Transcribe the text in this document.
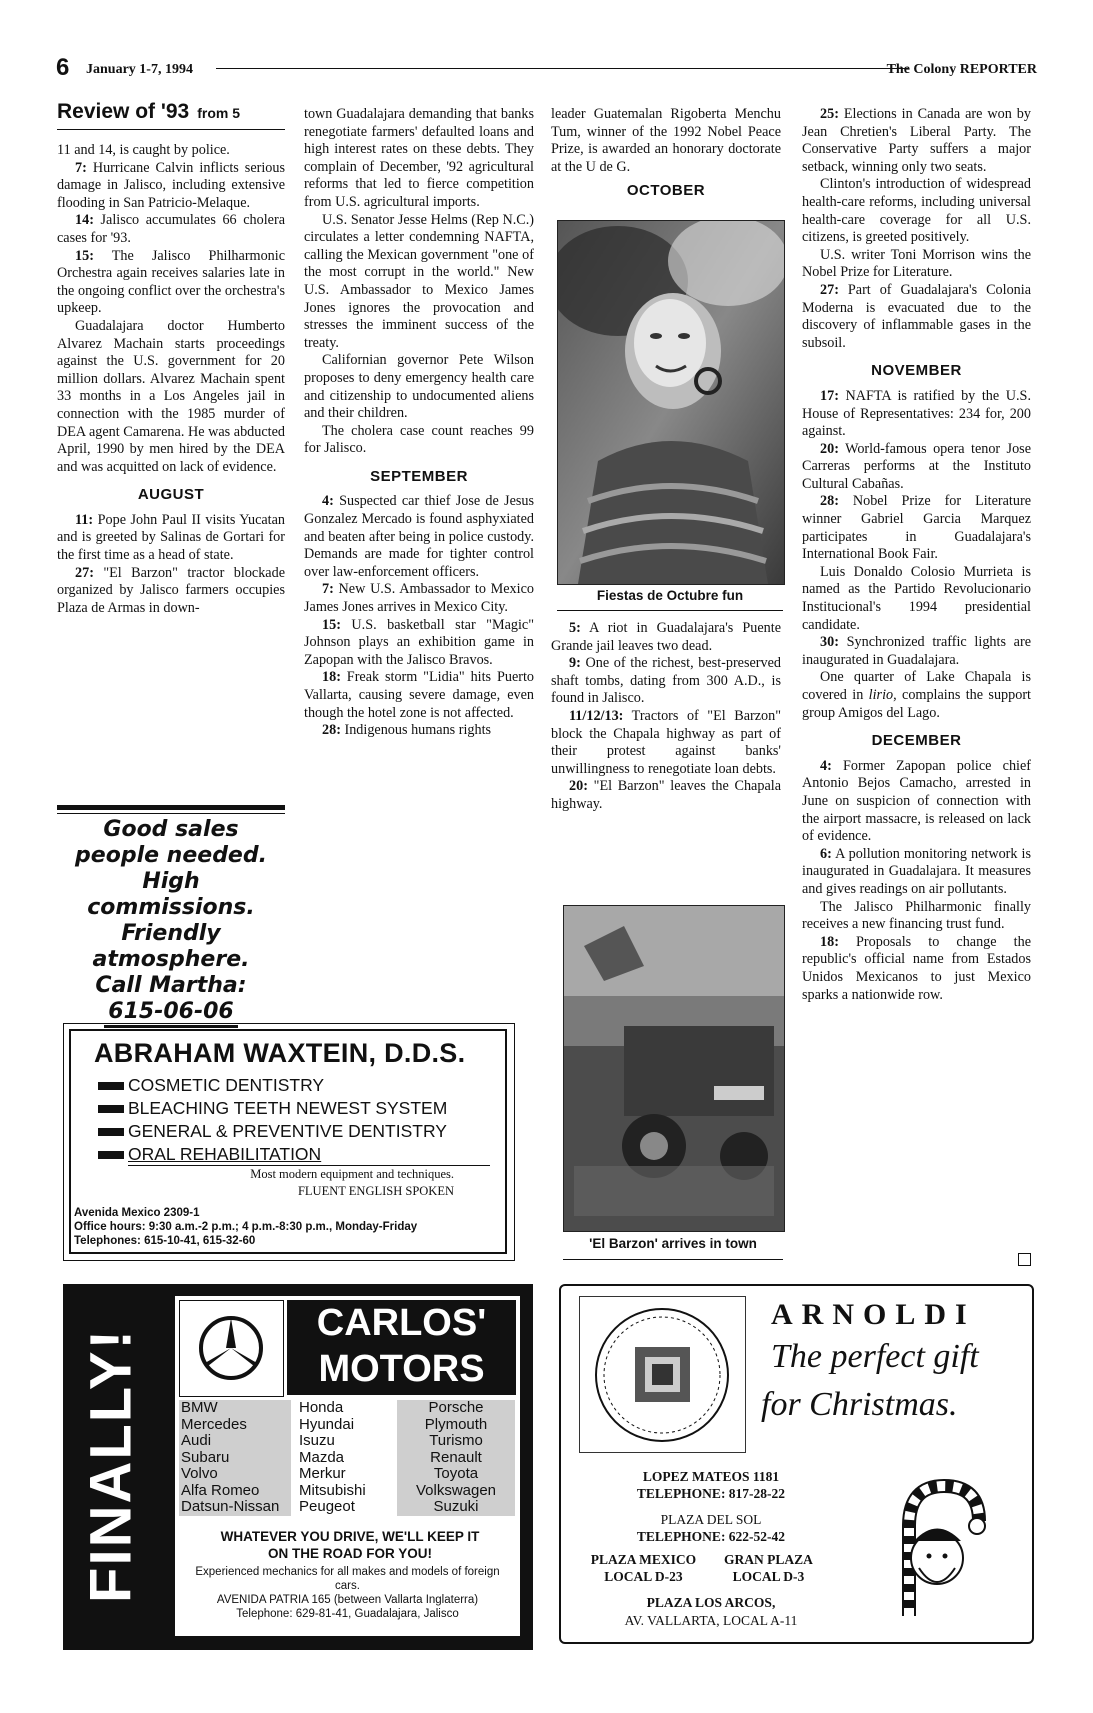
6 January 1-7, 1994	The Colony REPORTER
Review of '93 from 5

11 and 14, is caught by police.

7: Hurricane Calvin inflicts serious damage in Jalisco, including extensive flooding in San Patricio-Melaque.

14: Jalisco accumulates 66 cholera cases for '93.

15: The Jalisco Philharmonic Orchestra again receives salaries late in the ongoing conflict over the orchestra's upkeep.

Guadalajara doctor Humberto Alvarez Machain starts proceedings against the U.S. government for 20 million dollars. Alvarez Machain spent 33 months in a Los Angeles jail in connection with the 1985 murder of DEA agent Camarena. He was abducted April, 1990 by men hired by the DEA and was acquitted on lack of evidence.

AUGUST

11: Pope John Paul II visits Yucatan and is greeted by Salinas de Gortari for the first time as a head of state.

27: "El Barzon" tractor blockade organized by Jalisco farmers occupies Plaza de Armas in down-

Good sales
people needed.
High commissions.
Friendly
atmosphere.
Call Martha:
615-06-06

town Guadalajara demanding that banks renegotiate farmers' defaulted loans and high interest rates on these debts. They complain of December, '92 agricultural reforms that led to fierce competition from U.S. agricultural imports.

U.S. Senator Jesse Helms (Rep N.C.) circulates a letter condemning NAFTA, calling the Mexican government "one of the most corrupt in the world." New U.S. Ambassador to Mexico James Jones ignores the provocation and stresses the imminent success of the treaty.

Californian governor Pete Wilson proposes to deny emergency health care and citizenship to undocumented aliens and their children.

The cholera case count reaches 99 for Jalisco.

SEPTEMBER

4: Suspected car thief Jose de Jesus Gonzalez Mercado is found asphyxiated and beaten after being in police custody. Demands are made for tighter control over law-enforcement officers.

7: New U.S. Ambassador to Mexico James Jones arrives in Mexico City.

15: U.S. basketball star "Magic" Johnson plays an exhibition game in Zapopan with the Jalisco Bravos.

18: Freak storm "Lidia" hits Puerto Vallarta, causing severe damage, even though the hotel zone is not affected.

28: Indigenous humans rights

leader Guatemalan Rigoberta Menchu Tum, winner of the 1992 Nobel Peace Prize, is awarded an honorary doctorate at the U de G.

OCTOBER
Fiestas de Octubre fun

5: A riot in Guadalajara's Puente Grande jail leaves two dead.

9: One of the richest, best-preserved shaft tombs, dating from 300 A.D., is found in Jalisco.

11/12/13: Tractors of "El Barzon" block the Chapala highway as part of their protest against banks' unwillingness to renegotiate loan debts.

20: "El Barzon" leaves the Chapala highway.

'El Barzon' arrives in town

25: Elections in Canada are won by Jean Chretien's Liberal Party. The Conservative Party suffers a major setback, winning only two seats.

Clinton's introduction of widespread health-care reforms, including universal health-care coverage for all U.S. citizens, is greeted positively.

U.S. writer Toni Morrison wins the Nobel Prize for Literature.

27: Part of Guadalajara's Colonia Moderna is evacuated due to the discovery of inflammable gases in the subsoil.

NOVEMBER

17: NAFTA is ratified by the U.S. House of Representatives: 234 for, 200 against.

20: World-famous opera tenor Jose Carreras performs at the Instituto Cultural Cabañas.

28: Nobel Prize for Literature winner Gabriel Garcia Marquez participates in Guadalajara's International Book Fair.

Luis Donaldo Colosio Murrieta is named as the Partido Revolucionario Institucional's 1994 presidential candidate.

30: Synchronized traffic lights are inaugurated in Guadalajara.

One quarter of Lake Chapala is covered in lirio, complains the support group Amigos del Lago.

DECEMBER

4: Former Zapopan police chief Antonio Bejos Camacho, arrested in June on suspicion of connection with the airport massacre, is released on lack of evidence.

6: A pollution monitoring network is inaugurated in Guadalajara. It measures and gives readings on air pollutants.

The Jalisco Philharmonic finally receives a new financing trust fund.

18: Proposals to change the republic's official name from Estados Unidos Mexicanos to just Mexico sparks a nationwide row.

ABRAHAM WAXTEIN, D.D.S.
COSMETIC DENTISTRY
BLEACHING TEETH NEWEST SYSTEM
GENERAL & PREVENTIVE DENTISTRY
ORAL REHABILITATION
Most modern equipment and techniques.
FLUENT ENGLISH SPOKEN
Avenida Mexico 2309-1
Office hours: 9:30 a.m.-2 p.m.; 4 p.m.-8:30 p.m., Monday-Friday
Telephones: 615-10-41, 615-32-60
FINALLY!
CARLOS'
MOTORS
BMW
Mercedes
Audi
Subaru
Volvo
Alfa Romeo
Datsun-Nissan
Honda
Hyundai
Isuzu
Mazda
Merkur
Mitsubishi
Peugeot
Porsche
Plymouth
Turismo
Renault
Toyota
Volkswagen
Suzuki
WHATEVER YOU DRIVE, WE'LL KEEP IT ON THE ROAD FOR YOU!
Experienced mechanics for all makes and models of foreign cars.
AVENIDA PATRIA 165 (between Vallarta Inglaterra)
Telephone: 629-81-41, Guadalajara, Jalisco
ARNOLDI
The perfect gift
for Christmas.
LOPEZ MATEOS 1181
TELEPHONE: 817-28-22
PLAZA DEL SOL
TELEPHONE: 622-52-42
PLAZA MEXICO
LOCAL D-23
GRAN PLAZA
LOCAL D-3
PLAZA LOS ARCOS,
AV. VALLARTA, LOCAL A-11
